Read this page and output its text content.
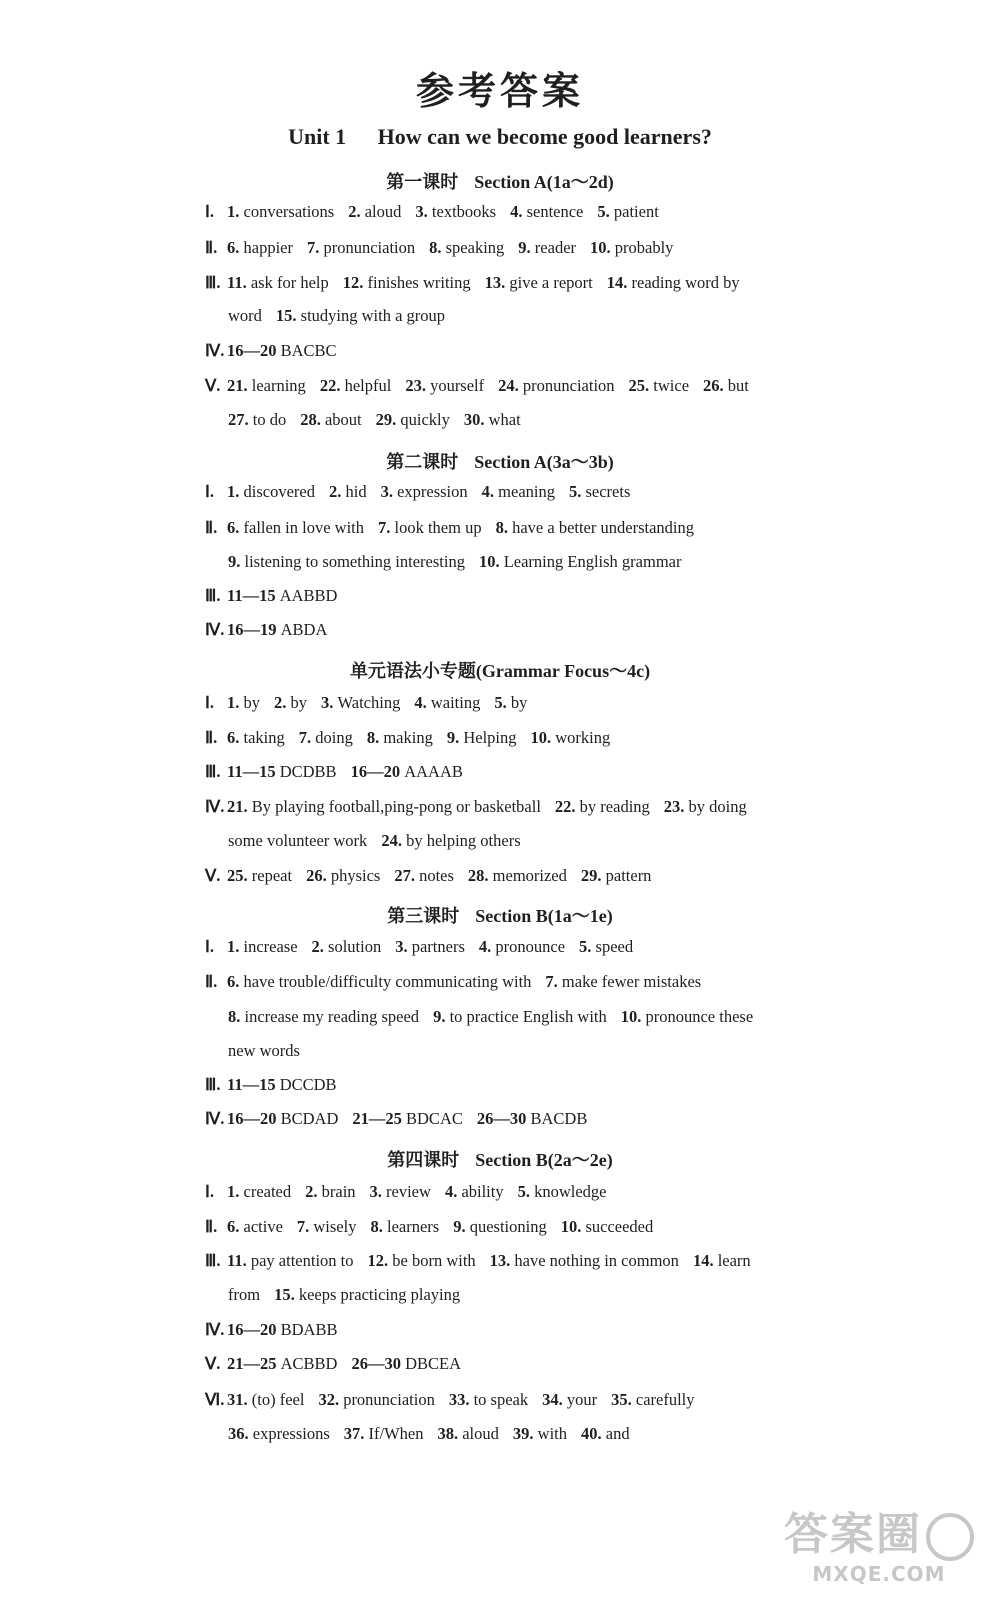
参考答案
Unit 1 How can we become good learners?
第一课时 Section A(1a～2d)
第二课时 Section A(3a～3b)
单元语法小专题(Grammar Focus～4c)
第三课时 Section B(1a～1e)
第四课时 Section B(2a～2e)
Ⅰ. 1. conversations 2. aloud 3. textbooks 4. sentence 5. patient
Ⅱ. 6. happier 7. pronunciation 8. speaking 9. reader 10. probably
Ⅲ. 11. ask for help 12. finishes writing 13. give a report 14. reading word by
word 15. studying with a group
Ⅳ. 16—20 BACBC
Ⅴ. 21. learning 22. helpful 23. yourself 24. pronunciation 25. twice 26. but
27. to do 28. about 29. quickly 30. what
Ⅰ. 1. discovered 2. hid 3. expression 4. meaning 5. secrets
Ⅱ. 6. fallen in love with 7. look them up 8. have a better understanding
9. listening to something interesting 10. Learning English grammar
Ⅲ. 11—15 AABBD
Ⅳ. 16—19 ABDA
Ⅰ. 1. by 2. by 3. Watching 4. waiting 5. by
Ⅱ. 6. taking 7. doing 8. making 9. Helping 10. working
Ⅲ. 11—15 DCDBB 16—20 AAAAB
Ⅳ. 21. By playing football,ping-pong or basketball 22. by reading 23. by doing
some volunteer work 24. by helping others
Ⅴ. 25. repeat 26. physics 27. notes 28. memorized 29. pattern
Ⅰ. 1. increase 2. solution 3. partners 4. pronounce 5. speed
Ⅱ. 6. have trouble/difficulty communicating with 7. make fewer mistakes
8. increase my reading speed 9. to practice English with 10. pronounce these
new words
Ⅲ. 11—15 DCCDB
Ⅳ. 16—20 BCDAD 21—25 BDCAC 26—30 BACDB
Ⅰ. 1. created 2. brain 3. review 4. ability 5. knowledge
Ⅱ. 6. active 7. wisely 8. learners 9. questioning 10. succeeded
Ⅲ. 11. pay attention to 12. be born with 13. have nothing in common 14. learn
from 15. keeps practicing playing
Ⅳ. 16—20 BDABB
Ⅴ. 21—25 ACBBD 26—30 DBCEA
Ⅵ. 31. (to) feel 32. pronunciation 33. to speak 34. your 35. carefully
36. expressions 37. If/When 38. aloud 39. with 40. and
答案圈
MXQE.COM
